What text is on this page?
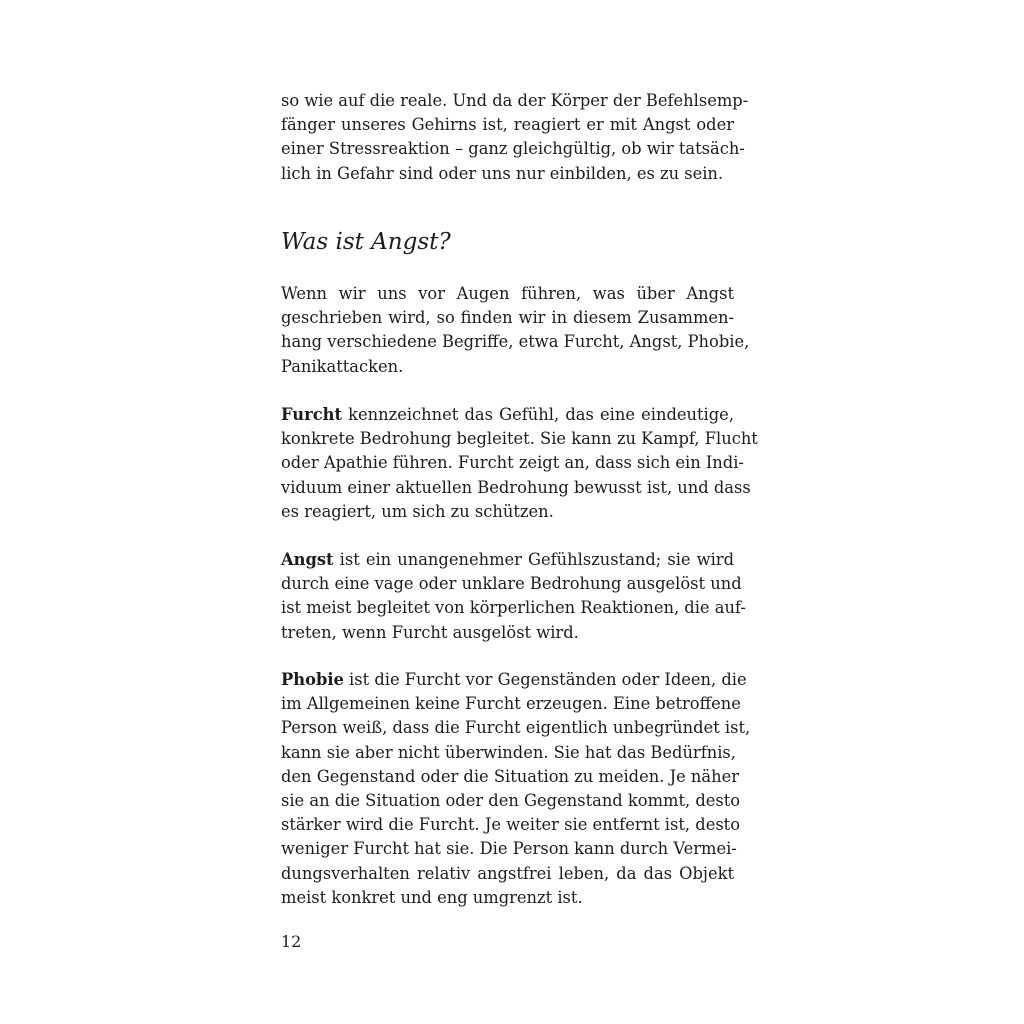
so wie auf die reale. Und da der Körper der Befehlsemp-
fänger unseres Gehirns ist, reagiert er mit Angst oder
einer Stressreaktion – ganz gleichgültig, ob wir tatsäch-
lich in Gefahr sind oder uns nur einbilden, es zu sein.

Was ist Angst?

Wenn wir uns vor Augen führen, was über Angst
geschrieben wird, so finden wir in diesem Zusammen-
hang verschiedene Begriffe, etwa Furcht, Angst, Phobie,
Panikattacken.

Furcht kennzeichnet das Gefühl, das eine eindeutige,
konkrete Bedrohung begleitet. Sie kann zu Kampf, Flucht
oder Apathie führen. Furcht zeigt an, dass sich ein Indi-
viduum einer aktuellen Bedrohung bewusst ist, und dass
es reagiert, um sich zu schützen.

Angst ist ein unangenehmer Gefühlszustand; sie wird
durch eine vage oder unklare Bedrohung ausgelöst und
ist meist begleitet von körperlichen Reaktionen, die auf-
treten, wenn Furcht ausgelöst wird.

Phobie ist die Furcht vor Gegenständen oder Ideen, die
im Allgemeinen keine Furcht erzeugen. Eine betroffene
Person weiß, dass die Furcht eigentlich unbegründet ist,
kann sie aber nicht überwinden. Sie hat das Bedürfnis,
den Gegenstand oder die Situation zu meiden. Je näher
sie an die Situation oder den Gegenstand kommt, desto
stärker wird die Furcht. Je weiter sie entfernt ist, desto
weniger Furcht hat sie. Die Person kann durch Vermei-
dungsverhalten relativ angstfrei leben, da das Objekt
meist konkret und eng umgrenzt ist.

12
